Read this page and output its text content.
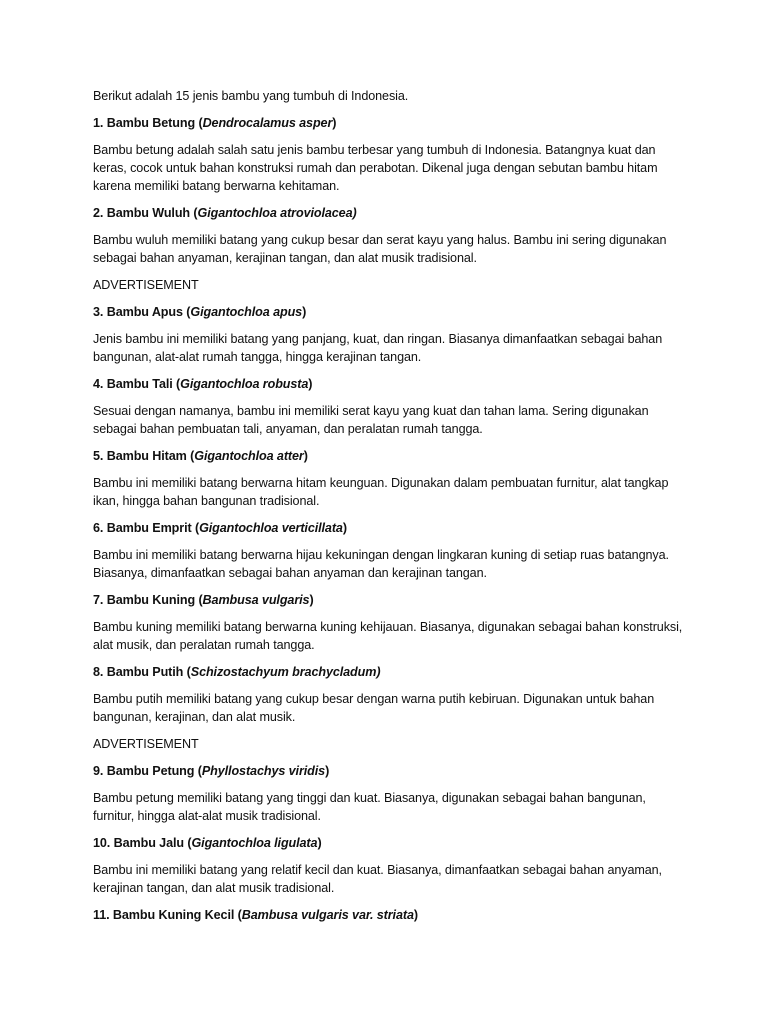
Berikut adalah 15 jenis bambu yang tumbuh di Indonesia.

1. Bambu Betung (Dendrocalamus asper)

Bambu betung adalah salah satu jenis bambu terbesar yang tumbuh di Indonesia. Batangnya kuat dan keras, cocok untuk bahan konstruksi rumah dan perabotan. Dikenal juga dengan sebutan bambu hitam karena memiliki batang berwarna kehitaman.

2. Bambu Wuluh (Gigantochloa atroviolacea)

Bambu wuluh memiliki batang yang cukup besar dan serat kayu yang halus. Bambu ini sering digunakan sebagai bahan anyaman, kerajinan tangan, dan alat musik tradisional.

ADVERTISEMENT

3. Bambu Apus (Gigantochloa apus)

Jenis bambu ini memiliki batang yang panjang, kuat, dan ringan. Biasanya dimanfaatkan sebagai bahan bangunan, alat-alat rumah tangga, hingga kerajinan tangan.

4. Bambu Tali (Gigantochloa robusta)

Sesuai dengan namanya, bambu ini memiliki serat kayu yang kuat dan tahan lama. Sering digunakan sebagai bahan pembuatan tali, anyaman, dan peralatan rumah tangga.

5. Bambu Hitam (Gigantochloa atter)

Bambu ini memiliki batang berwarna hitam keunguan. Digunakan dalam pembuatan furnitur, alat tangkap ikan, hingga bahan bangunan tradisional.

6. Bambu Emprit (Gigantochloa verticillata)

Bambu ini memiliki batang berwarna hijau kekuningan dengan lingkaran kuning di setiap ruas batangnya. Biasanya, dimanfaatkan sebagai bahan anyaman dan kerajinan tangan.

7. Bambu Kuning (Bambusa vulgaris)

Bambu kuning memiliki batang berwarna kuning kehijauan. Biasanya, digunakan sebagai bahan konstruksi, alat musik, dan peralatan rumah tangga.

8. Bambu Putih (Schizostachyum brachycladum)

Bambu putih memiliki batang yang cukup besar dengan warna putih kebiruan. Digunakan untuk bahan bangunan, kerajinan, dan alat musik.

ADVERTISEMENT

9. Bambu Petung (Phyllostachys viridis)

Bambu petung memiliki batang yang tinggi dan kuat. Biasanya, digunakan sebagai bahan bangunan, furnitur, hingga alat-alat musik tradisional.

10. Bambu Jalu (Gigantochloa ligulata)

Bambu ini memiliki batang yang relatif kecil dan kuat. Biasanya, dimanfaatkan sebagai bahan anyaman, kerajinan tangan, dan alat musik tradisional.

11. Bambu Kuning Kecil (Bambusa vulgaris var. striata)
